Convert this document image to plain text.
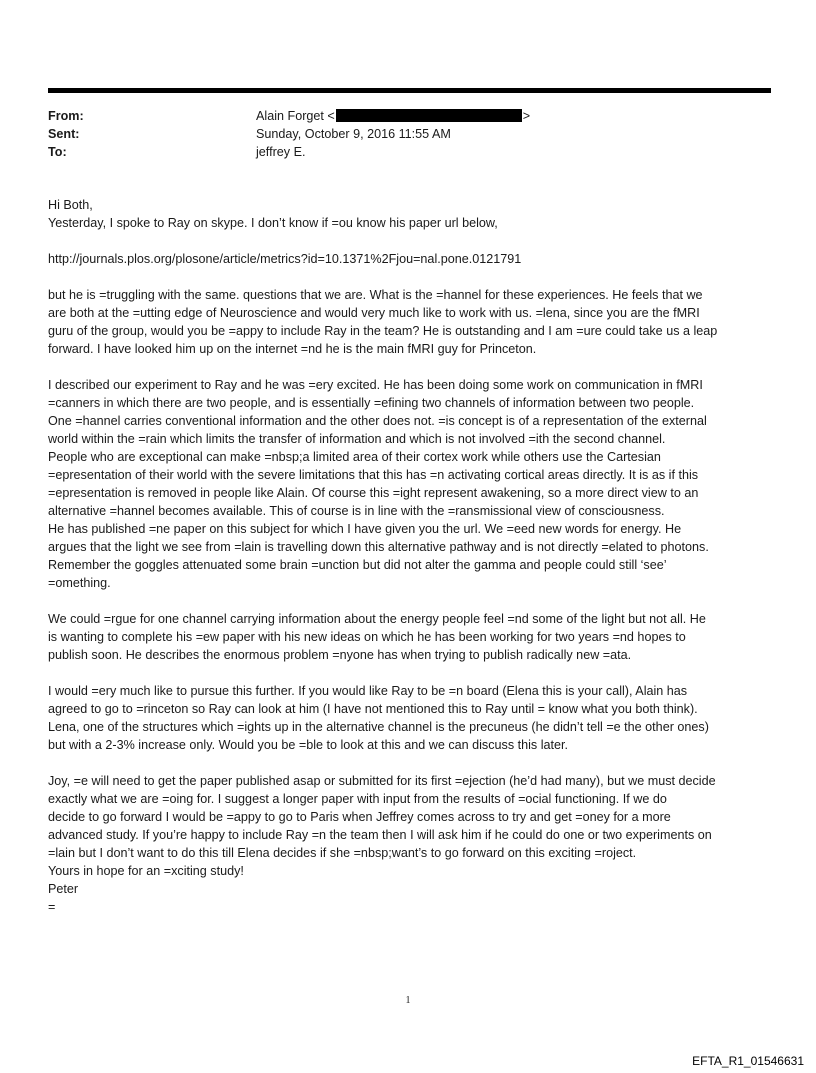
From:	Alain Forget <	>
Sent:	Sunday, October 9, 2016 11:55 AM
To:	jeffrey E.
Hi Both,
Yesterday, I spoke to Ray on skype. I don’t know if =ou know his paper url below,
http://journals.plos.org/plosone/article/metrics?id=10.1371%2Fjou=nal.pone.0121791
but he is =truggling with the same. questions that we are. What is the =hannel for these experiences. He feels that we
are both at the =utting edge of Neuroscience and would very much like to work with us. =lena, since you are the fMRI
guru of the group, would you be =appy to include Ray in the team? He is outstanding and I am =ure could take us a leap
forward. I have looked him up on the internet =nd he is the main fMRI guy for Princeton.
I described our experiment to Ray and he was =ery excited. He has been doing some work on communication in fMRI
=canners in which there are two people, and is essentially =efining two channels of information between two people.
One =hannel carries conventional information and the other does not. =is concept is of a representation of the external
world within the =rain which limits the transfer of information and which is not involved =ith the second channel.
People who are exceptional can make =nbsp;a limited area of their cortex work while others use the Cartesian
=epresentation of their world with the severe limitations that this has =n activating cortical areas directly. It is as if this
=epresentation is removed in people like Alain. Of course this =ight represent awakening, so a more direct view to an
alternative =hannel becomes available. This of course is in line with the =ransmissional view of consciousness.
He has published =ne paper on this subject for which I have given you the url. We =eed new words for energy. He
argues that the light we see from =lain is travelling down this alternative pathway and is not directly =elated to photons.
Remember the goggles attenuated some brain =unction but did not alter the gamma and people could still ‘see’
=omething.
We could =rgue for one channel carrying information about the energy people feel =nd some of the light but not all. He
is wanting to complete his =ew paper with his new ideas on which he has been working for two years =nd hopes to
publish soon. He describes the enormous problem =nyone has when trying to publish radically new =ata.
I would =ery much like to pursue this further. If you would like Ray to be =n board (Elena this is your call), Alain has
agreed to go to =rinceton so Ray can look at him (I have not mentioned this to Ray until = know what you both think).
Lena, one of the structures which =ights up in the alternative channel is the precuneus (he didn’t tell =e the other ones)
but with a 2-3% increase only. Would you be =ble to look at this and we can discuss this later.
Joy, =e will need to get the paper published asap or submitted for its first =ejection (he’d had many), but we must decide
exactly what we are =oing for. I suggest a longer paper with input from the results of =ocial functioning. If we do
decide to go forward I would be =appy to go to Paris when Jeffrey comes across to try and get =oney for a more
advanced study. If you’re happy to include Ray =n the team then I will ask him if he could do one or two experiments on
=lain but I don’t want to do this till Elena decides if she =nbsp;want’s to go forward on this exciting =roject.
Yours in hope for an =xciting study!
Peter
=
1
EFTA_R1_01546631
